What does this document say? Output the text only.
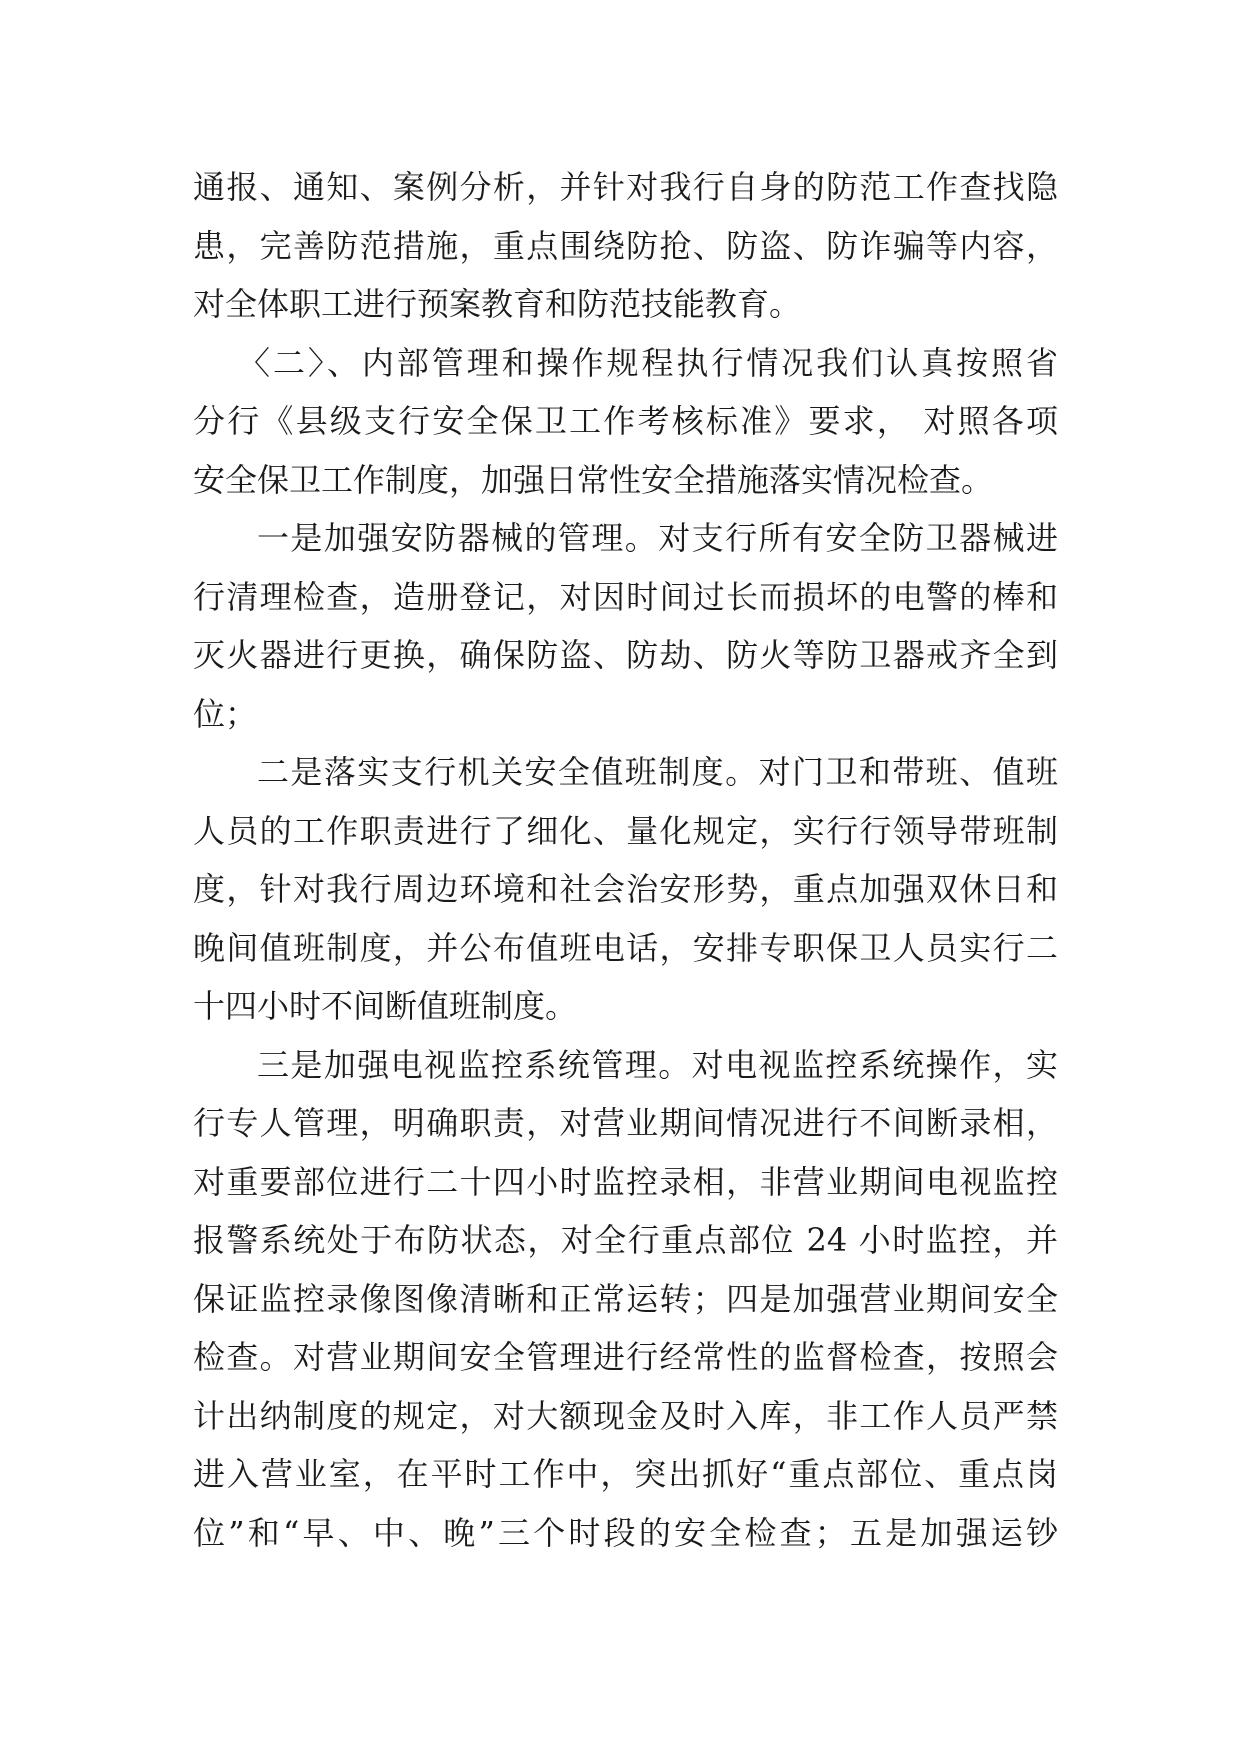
通报、通知、案例分析，并针对我行自身的防范工作查找隐
患，完善防范措施，重点围绕防抢、防盗、防诈骗等内容，
对全体职工进行预案教育和防范技能教育。
〈二〉、内部管理和操作规程执行情况我们认真按照省
分行《县级支行安全保卫工作考核标准》要求， 对照各项
安全保卫工作制度，加强日常性安全措施落实情况检查。
一是加强安防器械的管理。对支行所有安全防卫器械进
行清理检查，造册登记，对因时间过长而损坏的电警的棒和
灭火器进行更换，确保防盗、防劫、防火等防卫器戒齐全到
位；
二是落实支行机关安全值班制度。对门卫和带班、值班
人员的工作职责进行了细化、量化规定，实行行领导带班制
度，针对我行周边环境和社会治安形势，重点加强双休日和
晚间值班制度，并公布值班电话，安排专职保卫人员实行二
十四小时不间断值班制度。
三是加强电视监控系统管理。对电视监控系统操作，实
行专人管理，明确职责，对营业期间情况进行不间断录相，
对重要部位进行二十四小时监控录相，非营业期间电视监控
报警系统处于布防状态，对全行重点部位 24 小时监控，并
保证监控录像图像清晰和正常运转；四是加强营业期间安全
检查。对营业期间安全管理进行经常性的监督检查，按照会
计出纳制度的规定，对大额现金及时入库，非工作人员严禁
进入营业室，在平时工作中，突出抓好“重点部位、重点岗
位”和“早、中、晚”三个时段的安全检查；五是加强运钞
